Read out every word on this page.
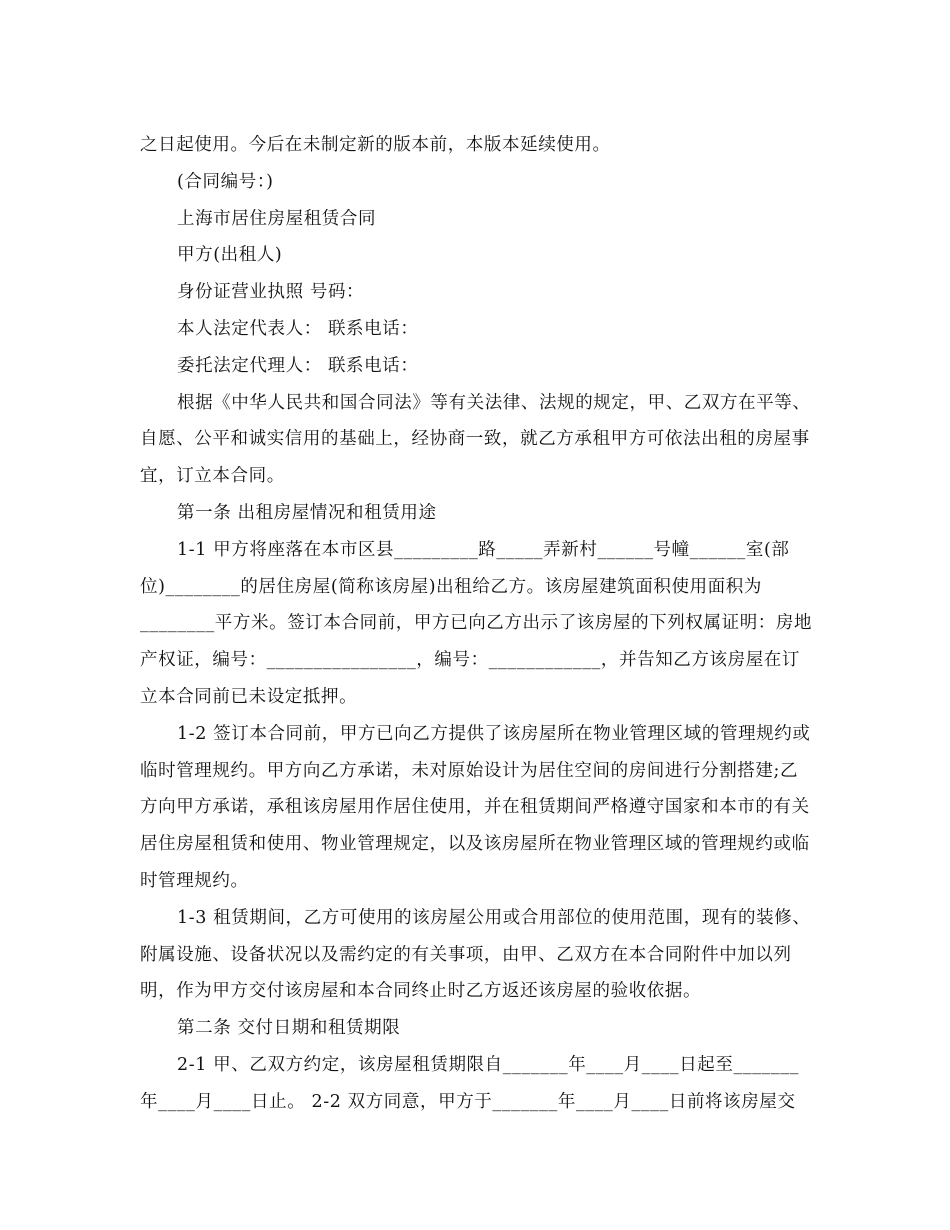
之日起使用。今后在未制定新的版本前，本版本延续使用。

(合同编号：)

上海市居住房屋租赁合同

甲方(出租人)

身份证营业执照 号码：

本人法定代表人： 联系电话：

委托法定代理人： 联系电话：

根据《中华人民共和国合同法》等有关法律、法规的规定，甲、乙双方在平等、自愿、公平和诚实信用的基础上，经协商一致，就乙方承租甲方可依法出租的房屋事宜，订立本合同。

第一条 出租房屋情况和租赁用途

1-1 甲方将座落在本市区县_________路_____弄新村______号幢______室(部位)________的居住房屋(简称该房屋)出租给乙方。该房屋建筑面积使用面积为________平方米。签订本合同前，甲方已向乙方出示了该房屋的下列权属证明：房地产权证，编号：________________，编号：____________，并告知乙方该房屋在订立本合同前已未设定抵押。

1-2 签订本合同前，甲方已向乙方提供了该房屋所在物业管理区域的管理规约或临时管理规约。甲方向乙方承诺，未对原始设计为居住空间的房间进行分割搭建;乙方向甲方承诺，承租该房屋用作居住使用，并在租赁期间严格遵守国家和本市的有关居住房屋租赁和使用、物业管理规定，以及该房屋所在物业管理区域的管理规约或临时管理规约。

1-3 租赁期间，乙方可使用的该房屋公用或合用部位的使用范围，现有的装修、附属设施、设备状况以及需约定的有关事项，由甲、乙双方在本合同附件中加以列明，作为甲方交付该房屋和本合同终止时乙方返还该房屋的验收依据。

第二条 交付日期和租赁期限

2-1 甲、乙双方约定，该房屋租赁期限自_______年____月____日起至_______年____月____日止。 2-2 双方同意，甲方于_______年____月____日前将该房屋交
